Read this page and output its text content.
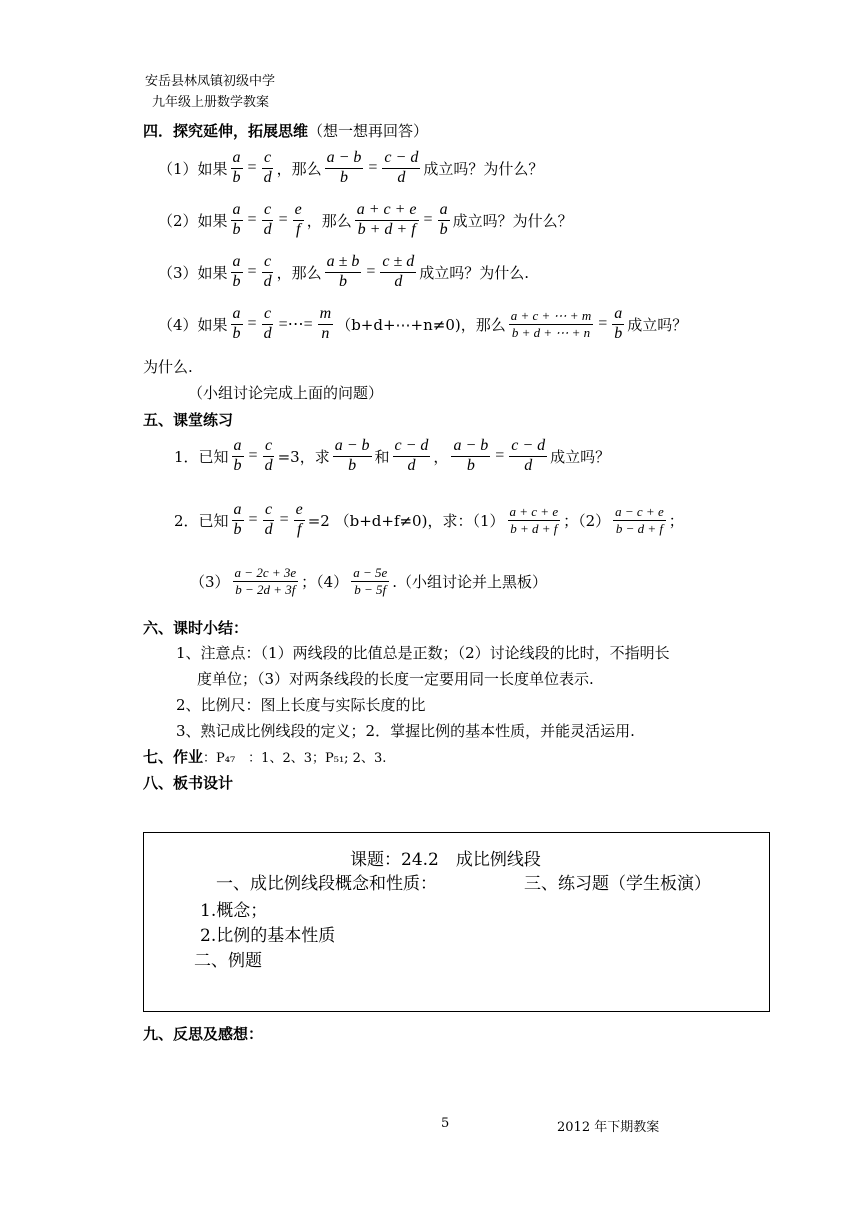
安岳县林凤镇初级中学
九年级上册数学教案
四．探究延伸，拓展思维（想一想再回答）
（1）如果 $\frac{a}{b} = \frac{c}{d}$ ，那么 $\frac{a - b}{b} = \frac{c - d}{d}$ 成立吗？为什么？
（2）如果 $\frac{a}{b} = \frac{c}{d} = \frac{e}{f}$ ，那么 $\frac{a + c + e}{b + d + f} = \frac{a}{b}$ 成立吗？为什么？
（3）如果 $\frac{a}{b} = \frac{c}{d}$ ，那么 $\frac{a \pm b}{b} = \frac{c \pm d}{d}$ 成立吗？为什么.
（4）如果 $\frac{a}{b} = \frac{c}{d}$ =⋯= $\frac{m}{n}$ （b+d+⋯+n≠0)，那么 $\frac{a + c + \cdots + m}{b + d + \cdots + n} = \frac{a}{b}$ 成立吗？
为什么.
（小组讨论完成上面的问题）
五、课堂练习
1．已知 $\frac{a}{b} = \frac{c}{d} =3$，求 $\frac{a - b}{b}$ 和 $\frac{c - d}{d}$ ， $\frac{a - b}{b} = \frac{c - d}{d}$ 成立吗？
2．已知 $\frac{a}{b} = \frac{c}{d} = \frac{e}{f} =2$ （b+d+f≠0)，求：$(1) \frac{a + c + e}{b + d + f}$ ；$(2) \frac{a - c + e}{b - d + f}$ ；
$(3) \frac{a - 2c + 3e}{b - 2d + 3f}$ ；$(4) \frac{a - 5e}{b - 5f}$ .（小组讨论并上黑板）
六、课时小结：
1、注意点：（1）两线段的比值总是正数；（2）讨论线段的比时，不指明长
度单位；（3）对两条线段的长度一定要用同一长度单位表示.
2、比例尺：图上长度与实际长度的比
3、熟记成比例线段的定义；2．掌握比例的基本性质，并能灵活运用.
七、作业：P₄₇　：1、2、3；P₅₁; 2、3.
八、板书设计
课题：24.2　成比例线段
一、成比例线段概念和性质：	三、练习题（学生板演）
1.概念；
2.比例的基本性质
二、例题
九、反思及感想：
5	2012 年下期教案
